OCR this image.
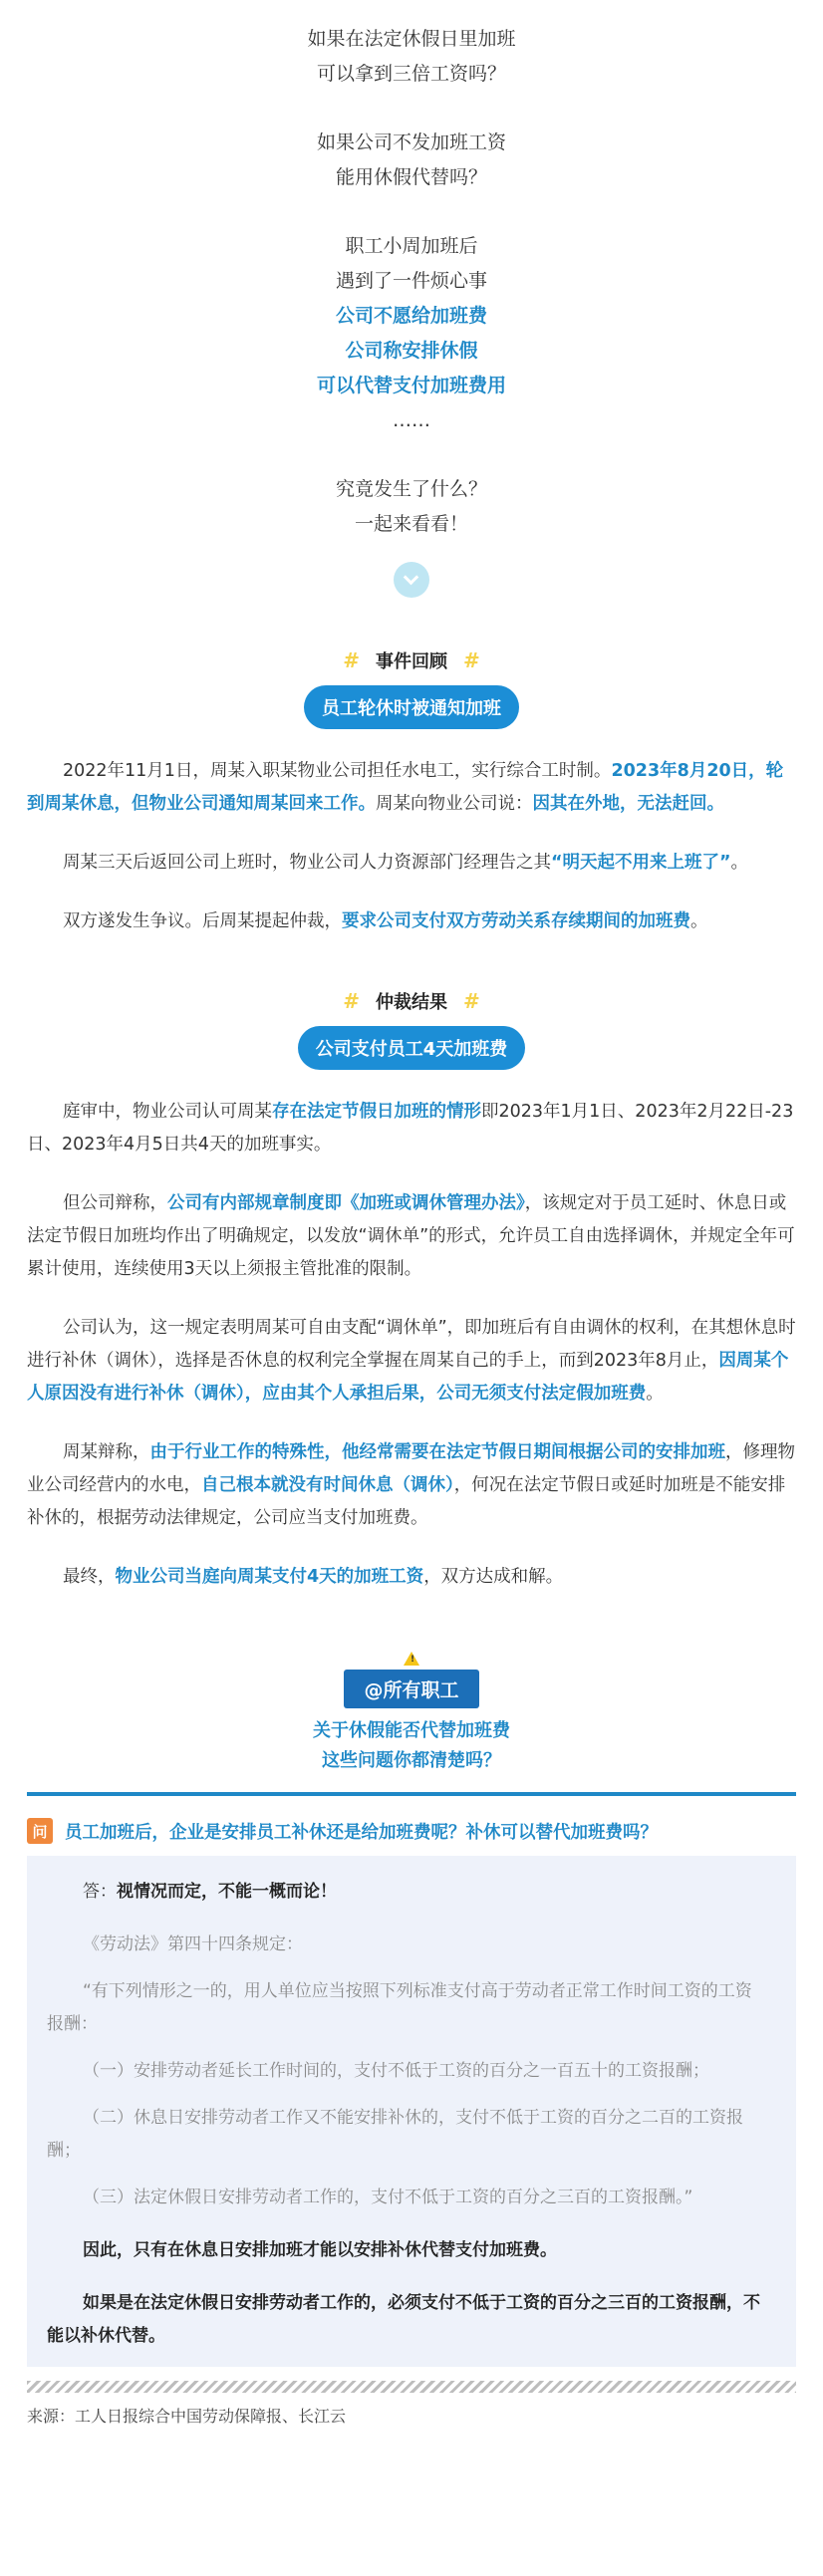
如果在法定休假日里加班
可以拿到三倍工资吗？
如果公司不发加班工资
能用休假代替吗？
职工小周加班后
遇到了一件烦心事
公司不愿给加班费
公司称安排休假
可以代替支付加班费用
……
究竟发生了什么？
一起来看看！
# 事件回顾 #
员工轮休时被通知加班

2022年11月1日，周某入职某物业公司担任水电工，实行综合工时制。2023年8月20日，轮到周某休息，但物业公司通知周某回来工作。周某向物业公司说：因其在外地，无法赶回。

周某三天后返回公司上班时，物业公司人力资源部门经理告之其“明天起不用来上班了”。

双方遂发生争议。后周某提起仲裁，要求公司支付双方劳动关系存续期间的加班费。

# 仲裁结果 #
公司支付员工4天加班费

庭审中，物业公司认可周某存在法定节假日加班的情形即2023年1月1日、2023年2月22日-23日、2023年4月5日共4天的加班事实。

但公司辩称，公司有内部规章制度即《加班或调休管理办法》，该规定对于员工延时、休息日或法定节假日加班均作出了明确规定，以发放“调休单”的形式，允许员工自由选择调休，并规定全年可累计使用，连续使用3天以上须报主管批准的限制。

公司认为，这一规定表明周某可自由支配“调休单”，即加班后有自由调休的权利，在其想休息时进行补休（调休），选择是否休息的权利完全掌握在周某自己的手上，而到2023年8月止，因周某个人原因没有进行补休（调休），应由其个人承担后果，公司无须支付法定假加班费。

周某辩称，由于行业工作的特殊性，他经常需要在法定节假日期间根据公司的安排加班，修理物业公司经营内的水电，自己根本就没有时间休息（调休），何况在法定节假日或延时加班是不能安排补休的，根据劳动法律规定，公司应当支付加班费。

最终，物业公司当庭向周某支付4天的加班工资，双方达成和解。

!
@所有职工
关于休假能否代替加班费
这些问题你都清楚吗？
问	员工加班后，企业是安排员工补休还是给加班费呢？补休可以替代加班费吗？

答：视情况而定，不能一概而论！

《劳动法》第四十四条规定：

“有下列情形之一的，用人单位应当按照下列标准支付高于劳动者正常工作时间工资的工资报酬：

（一）安排劳动者延长工作时间的，支付不低于工资的百分之一百五十的工资报酬；

（二）休息日安排劳动者工作又不能安排补休的，支付不低于工资的百分之二百的工资报酬；

（三）法定休假日安排劳动者工作的，支付不低于工资的百分之三百的工资报酬。”

因此，只有在休息日安排加班才能以安排补休代替支付加班费。

如果是在法定休假日安排劳动者工作的，必须支付不低于工资的百分之三百的工资报酬，不能以补休代替。

来源：工人日报综合中国劳动保障报、长江云
